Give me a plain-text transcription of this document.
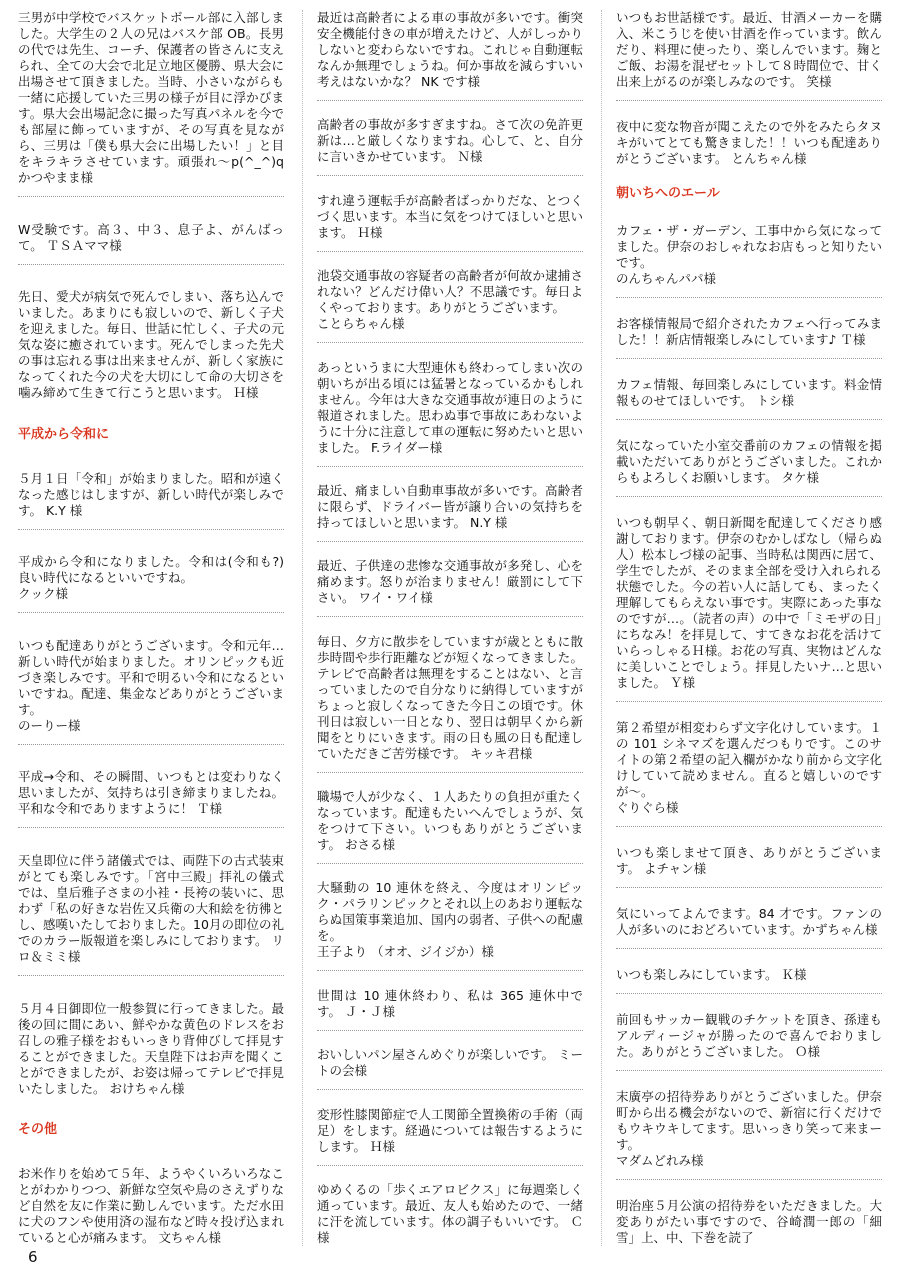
三男が中学校でバスケットボール部に入部しました。大学生の２人の兄はバスケ部 OB。長男の代では先生、コーチ、保護者の皆さんに支えられ、全ての大会で北足立地区優勝、県大会に出場させて頂きました。当時、小さいながらも一緒に応援していた三男の様子が目に浮かびます。県大会出場記念に撮った写真パネルを今でも部屋に飾っていますが、その写真を見ながら、三男は「僕も県大会に出場したい！」と目をキラキラさせています。頑張れ〜p(^_^)q かつやまま様

W受験です。高３、中３、息子よ、がんばって。 ＴＳＡママ様

先日、愛犬が病気で死んでしまい、落ち込んでいました。あまりにも寂しいので、新しく子犬を迎えました。毎日、世話に忙しく、子犬の元気な姿に癒されています。死んでしまった先犬の事は忘れる事は出来ませんが、新しく家族になってくれた今の犬を大切にして命の大切さを噛み締めて生きて行こうと思います。 Ｈ様

平成から令和に

５月１日「令和」が始まりました。昭和が遠くなった感じはしますが、新しい時代が楽しみです。 K.Y 様

平成から令和になりました。令和は(令和も?)良い時代になるといいですね。
クック様

いつも配達ありがとうございます。令和元年…新しい時代が始まりました。オリンピックも近づき楽しみです。平和で明るい令和になるといいですね。配達、集金などありがとうございます。
のーりー様

平成→令和、その瞬間、いつもとは変わりなく思いましたが、気持ちは引き締まりましたね。平和な令和でありますように！ Ｔ様

天皇即位に伴う諸儀式では、両陛下の古式装束がとても楽しみです。「宮中三殿」拝礼の儀式では、皇后雅子さまの小袿・長袴の装いに、思わず「私の好きな岩佐又兵衛の大和絵を彷彿とし、感嘆いたしておりました。10月の即位の礼でのカラー版報道を楽しみにしております。 リロ＆ミミ様

５月４日御即位一般参賀に行ってきました。最後の回に間にあい、鮮やかな黄色のドレスをお召しの雅子様をおもいっきり背伸びして拝見することができました。天皇陛下はお声を聞くことができましたが、お姿は帰ってテレビで拝見いたしました。 おけちゃん様

その他

お米作りを始めて５年、ようやくいろいろなことがわかりつつ、新鮮な空気や鳥のさえずりなど自然を友に作業に勤しんでいます。ただ水田に犬のフンや使用済の湿布など時々投げ込まれていると心が痛みます。 文ちゃん様

最近は高齢者による車の事故が多いです。衝突安全機能付きの車が増えたけど、人がしっかりしないと変わらないですね。これじゃ自動運転なんか無理でしょうね。何か事故を減らすいい考えはないかな？ NK です様

高齢者の事故が多すぎますね。さて次の免許更新は…と厳しくなりますね。心して、と、自分に言いきかせています。 Ｎ様

すれ違う運転手が高齢者ばっかりだな、とつくづく思います。本当に気をつけてほしいと思います。 Ｈ様

池袋交通事故の容疑者の高齢者が何故か逮捕されない？どんだけ偉い人？不思議です。毎日よくやっております。ありがとうございます。
ことらちゃん様

あっというまに大型連休も終わってしまい次の朝いちが出る頃には猛暑となっているかもしれません。今年は大きな交通事故が連日のように報道されました。思わぬ事で事故にあわないように十分に注意して車の運転に努めたいと思いました。 F.ライダー様

最近、痛ましい自動車事故が多いです。高齢者に限らず、ドライバー皆が譲り合いの気持ちを持ってほしいと思います。 N.Y 様

最近、子供達の悲惨な交通事故が多発し、心を痛めます。怒りが治まりません！厳罰にして下さい。 ワイ・ワイ様

毎日、夕方に散歩をしていますが歳とともに散歩時間や歩行距離などが短くなってきました。テレビで高齢者は無理をすることはない、と言っていましたので自分なりに納得していますがちょっと寂しくなってきた今日この頃です。休刊日は寂しい一日となり、翌日は朝早くから新聞をとりにいきます。雨の日も風の日も配達していただきご苦労様です。 キッキ君様

職場で人が少なく、１人あたりの負担が重たくなっています。配達もたいへんでしょうが、気をつけて下さい。いつもありがとうございます。 おさる様

大騒動の 10 連休を終え、今度はオリンピック・パラリンピックとそれ以上のあおり運転ならぬ国策事業追加、国内の弱者、子供への配慮を。
王子より （オオ、ジイジか）様

世間は 10 連休終わり、私は 365 連休中です。 Ｊ・Ｊ様

おいしいパン屋さんめぐりが楽しいです。 ミートの会様

変形性膝関節症で人工関節全置換術の手術（両足）をします。経過については報告するようにします。 Ｈ様

ゆめくるの「歩くエアロビクス」に毎週楽しく通っています。最近、友人も始めたので、一緒に汗を流しています。体の調子もいいです。 Ｃ様

いつもお世話様です。最近、甘酒メーカーを購入、米こうじを使い甘酒を作っています。飲んだり、料理に使ったり、楽しんでいます。麹とご飯、お湯を混ぜセットして８時間位で、甘く出来上がるのが楽しみなのです。 笑様

夜中に変な物音が聞こえたので外をみたらタヌキがいてとても驚きました！！いつも配達ありがとうございます。 とんちゃん様

朝いちへのエール

カフェ・ザ・ガーデン、工事中から気になってました。伊奈のおしゃれなお店もっと知りたいです。
のんちゃんパパ様

お客様情報局で紹介されたカフェへ行ってみました！！新店情報楽しみにしています♪ Ｔ様

カフェ情報、毎回楽しみにしています。料金情報ものせてほしいです。 トシ様

気になっていた小室交番前のカフェの情報を掲載いただいてありがとうございました。これからもよろしくお願いします。 タケ様

いつも朝早く、朝日新聞を配達してくださり感謝しております。伊奈のむかしばなし（帰らぬ人）松本しづ様の記事、当時私は関西に居て、学生でしたが、そのまま全部を受け入れられる状態でした。今の若い人に話しても、まったく理解してもらえない事です。実際にあった事なのですが…。（読者の声）の中で「ミモザの日」にちなみ！を拝見して、すてきなお花を活けていらっしゃるＨ様。お花の写真、実物はどんなに美しいことでしょう。拝見したいナ…と思いました。 Ｙ様

第２希望が相変わらず文字化けしています。１の 101 シネマズを選んだつもりです。このサイトの第２希望の記入欄がかなり前から文字化けしていて読めません。直ると嬉しいのですが〜。
ぐりぐら様

いつも楽しませて頂き、ありがとうございます。 よチャン様

気にいってよんでます。84 才です。ファンの人が多いのにおどろいています。かずちゃん様

いつも楽しみにしています。 Ｋ様

前回もサッカー観戦のチケットを頂き、孫達もアルディージャが勝ったので喜んでおりました。ありがとうございました。 Ｏ様

末廣亭の招待券ありがとうございました。伊奈町から出る機会がないので、新宿に行くだけでもウキウキしてます。思いっきり笑って来まーす。
マダムどれみ様

明治座５月公演の招待券をいただきました。大変ありがたい事ですので、谷崎潤一郎の「細雪」上、中、下巻を読了

6
